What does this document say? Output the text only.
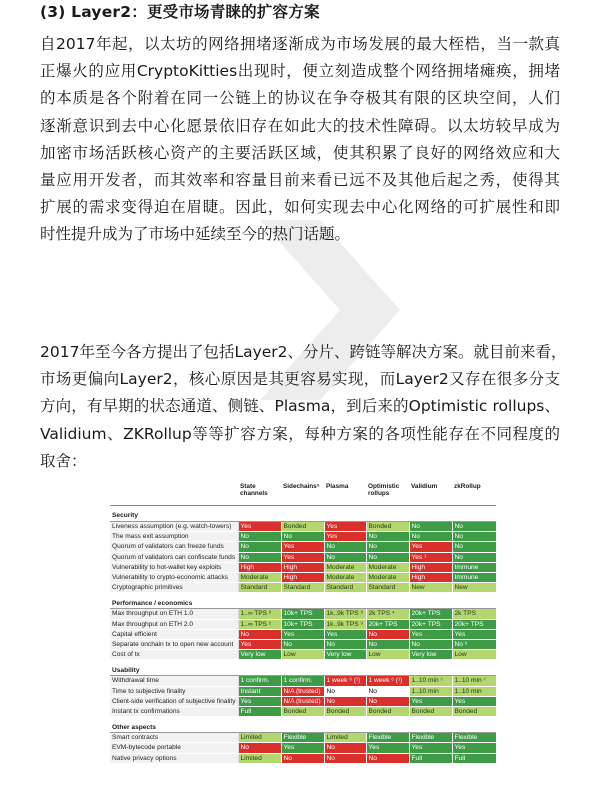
(3) Layer2：更受市场青睐的扩容方案

自2017年起，以太坊的网络拥堵逐渐成为市场发展的最大桎梏，当一款真
正爆火的应用CryptoKitties出现时，便立刻造成整个网络拥堵瘫痪，拥堵
的本质是各个附着在同一公链上的协议在争夺极其有限的区块空间，人们
逐渐意识到去中心化愿景依旧存在如此大的技术性障碍。以太坊较早成为
加密市场活跃核心资产的主要活跃区域，使其积累了良好的网络效应和大
量应用开发者，而其效率和容量目前来看已远不及其他后起之秀，使得其
扩展的需求变得迫在眉睫。因此，如何实现去中心化网络的可扩展性和即
时性提升成为了市场中延续至今的热门话题。

2017年至今各方提出了包括Layer2、分片、跨链等解决方案。就目前来看，
市场更偏向Layer2，核心原因是其更容易实现，而Layer2又存在很多分支
方向，有早期的状态通道、侧链、Plasma，到后来的Optimistic rollups、
Validium、ZKRollup等等扩容方案，每种方案的各项性能存在不同程度的
取舍：

	State channels	Sidechains⁵	Plasma	Optimistic rollups	Validium	zkRollup
Security						
Liveness assumption (e.g. watch-towers)	Yes	Bonded	Yes	Bonded	No	No
The mass exit assumption	No	No	Yes	No	No	No
Quorum of validators can freeze funds	No	Yes	No	No	Yes	No
Quorum of validators can confiscate funds	No	Yes	No	No	Yes ¹	No
Vulnerability to hot-wallet key exploits	High	High	Moderate	Moderate	High	Immune
Vulnerability to crypto-economic attacks	Moderate	High	Moderate	Moderate	High	Immune
Cryptographic primitives	Standard	Standard	Standard	Standard	New	New
Performance / economics						
Max throughput on ETH 1.0	1..∞ TPS ²	10k+ TPS	1k..9k TPS ³	2k TPS ⁴	20k+ TPS	2k TPS
Max throughput on ETH 2.0	1..∞ TPS ²	10k+ TPS	1k..9k TPS ³	20k+ TPS	20k+ TPS	20k+ TPS
Capital efficient	No	Yes	Yes	No	Yes	Yes
Separate onchain tx to open new account	Yes	No	No	No	No	No ⁵
Cost of tx	Very low	Low	Very low	Low	Very low	Low
Usability						
Withdrawal time	1 confirm.	1 confirm.	1 week ⁶ (¹)	1 week ⁶ (¹)	1..10 min ⁷	1..10 min ⁷
Time to subjective finality	Instant	N/A (trusted)	No	No	1..10 min	1..10 min
Client-side verification of subjective finality	Yes	N/A (trusted)	No	No	Yes	Yes
Instant tx confirmations	Full	Bonded	Bonded	Bonded	Bonded	Bonded
Other aspects						
Smart contracts	Limited	Flexible	Limited	Flexible	Flexible	Flexible
EVM-bytecode portable	No	Yes	No	Yes	Yes	Yes
Native privacy options	Limited	No	No	No	Full	Full
